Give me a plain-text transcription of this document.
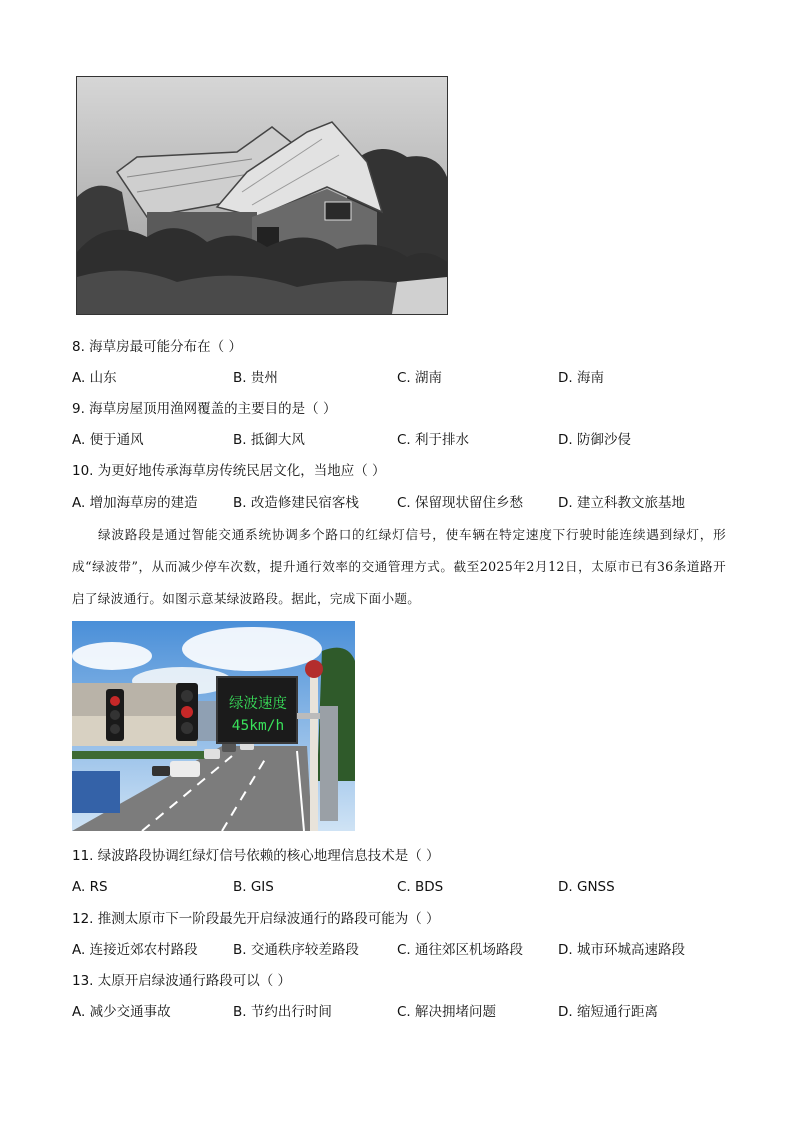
8. 海草房最可能分布在（ ）
A. 山东	B. 贵州	C. 湖南	D. 海南
9. 海草房屋顶用渔网覆盖的主要目的是（ ）
A. 便于通风	B. 抵御大风	C. 利于排水	D. 防御沙侵
10. 为更好地传承海草房传统民居文化，当地应（ ）
A. 增加海草房的建造	B. 改造修建民宿客栈	C. 保留现状留住乡愁	D. 建立科教文旅基地
绿波路段是通过智能交通系统协调多个路口的红绿灯信号，使车辆在特定速度下行驶时能连续遇到绿灯，形成“绿波带”，从而减少停车次数，提升通行效率的交通管理方式。截至2025年2月12日，太原市已有36条道路开启了绿波通行。如图示意某绿波路段。据此，完成下面小题。
绿波速度
45km/h
11. 绿波路段协调红绿灯信号依赖的核心地理信息技术是（ ）
A. RS	B. GIS	C. BDS	D. GNSS
12. 推测太原市下一阶段最先开启绿波通行的路段可能为（ ）
A. 连接近郊农村路段	B. 交通秩序较差路段	C. 通往郊区机场路段	D. 城市环城高速路段
13. 太原开启绿波通行路段可以（ ）
A. 减少交通事故	B. 节约出行时间	C. 解决拥堵问题	D. 缩短通行距离
